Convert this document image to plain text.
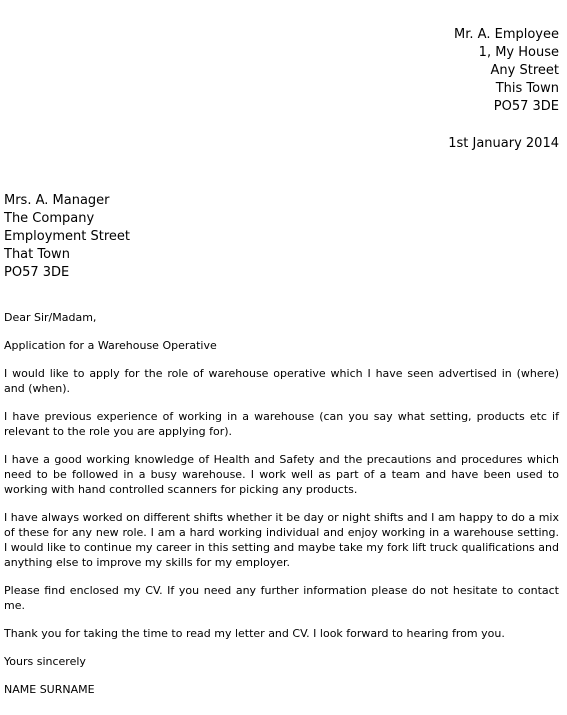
Mr. A. Employee
1, My House
Any Street
This Town
PO57 3DE
1st January 2014
Mrs. A. Manager
The Company
Employment Street
That Town
PO57 3DE

Dear Sir/Madam,

Application for a Warehouse Operative

I would like to apply for the role of warehouse operative which I have seen advertised in (where) and (when).

I have previous experience of working in a warehouse (can you say what setting, products etc if relevant to the role you are applying for).

I have a good working knowledge of Health and Safety and the precautions and procedures which need to be followed in a busy warehouse. I work well as part of a team and have been used to working with hand controlled scanners for picking any products.

I have always worked on different shifts whether it be day or night shifts and I am happy to do a mix of these for any new role. I am a hard working individual and enjoy working in a warehouse setting. I would like to continue my career in this setting and maybe take my fork lift truck qualifications and anything else to improve my skills for my employer.

Please find enclosed my CV. If you need any further information please do not hesitate to contact me.

Thank you for taking the time to read my letter and CV. I look forward to hearing from you.

Yours sincerely

NAME SURNAME
